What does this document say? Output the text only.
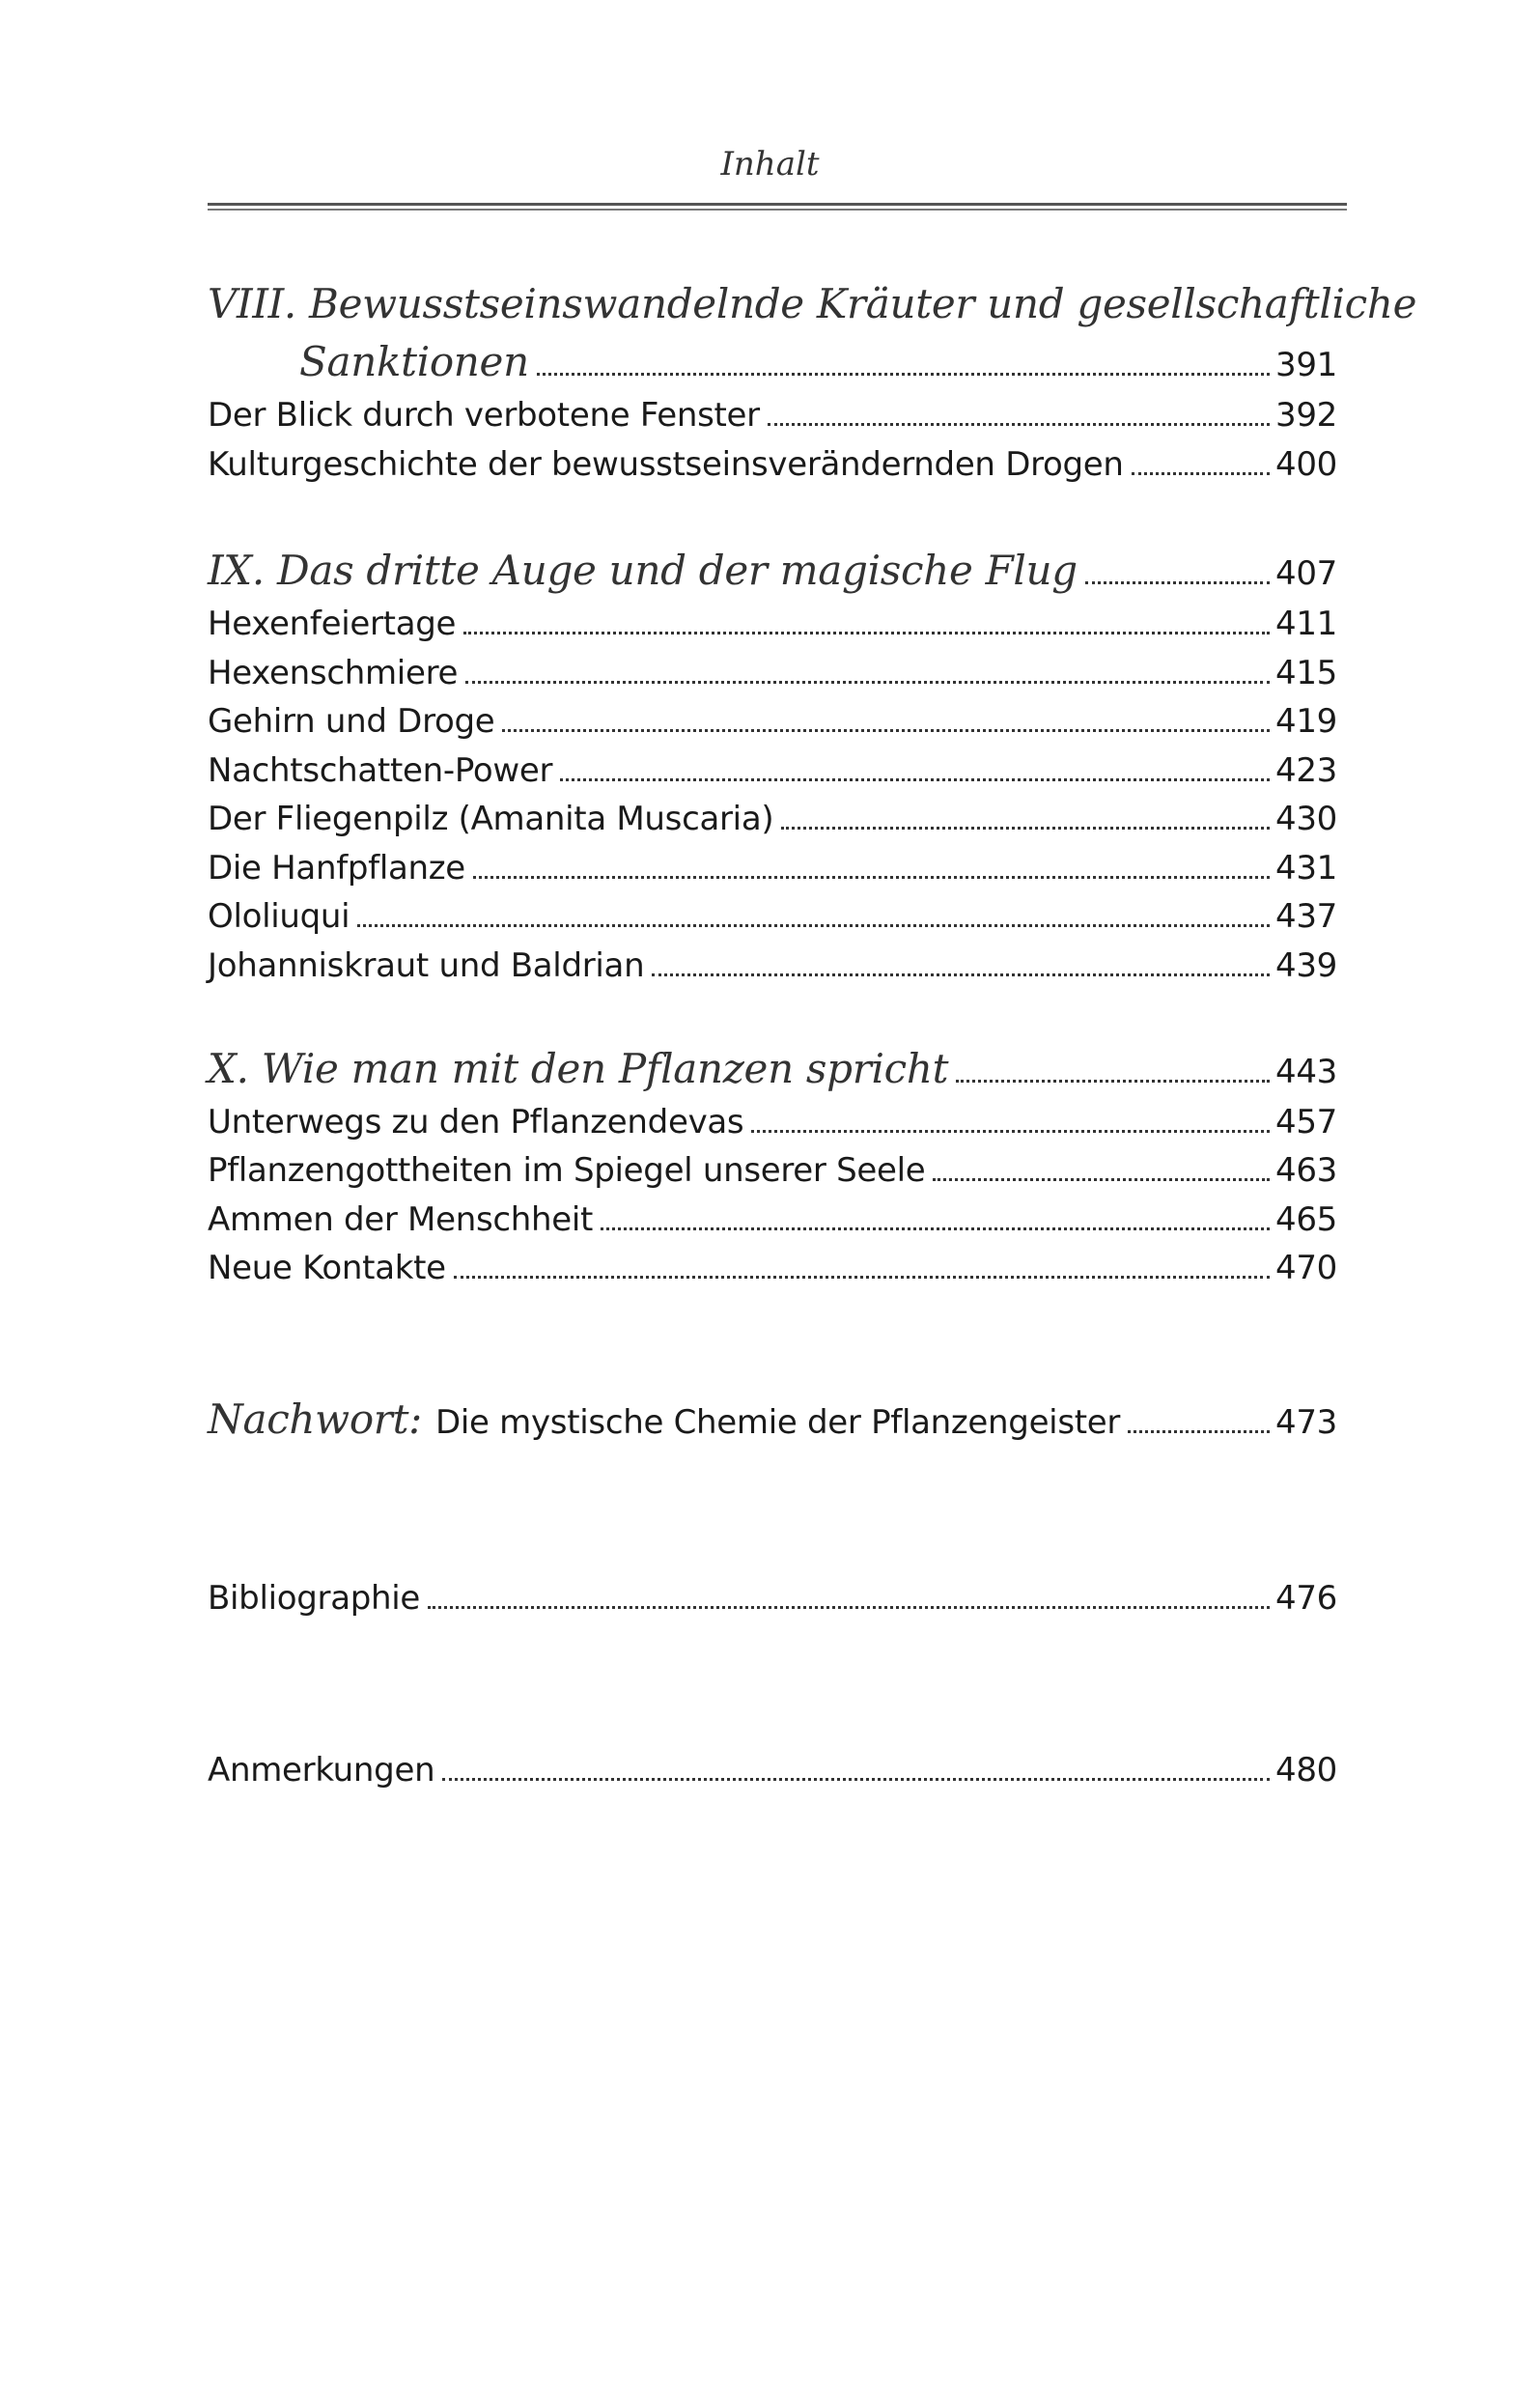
Inhalt
VIII. Bewusstseinswandelnde Kräuter und gesellschaftliche
Sanktionen	391
Der Blick durch verbotene Fenster	392
Kulturgeschichte der bewusstseinsverändernden Drogen	400
IX. Das dritte Auge und der magische Flug	407
Hexenfeiertage	411
Hexenschmiere	415
Gehirn und Droge	419
Nachtschatten-Power	423
Der Fliegenpilz (Amanita Muscaria)	430
Die Hanfpflanze	431
Ololiuqui	437
Johanniskraut und Baldrian	439
X. Wie man mit den Pflanzen spricht	443
Unterwegs zu den Pflanzendevas	457
Pflanzengottheiten im Spiegel unserer Seele	463
Ammen der Menschheit	465
Neue Kontakte	470
Nachwort: Die mystische Chemie der Pflanzengeister	473
Bibliographie	476
Anmerkungen	480
